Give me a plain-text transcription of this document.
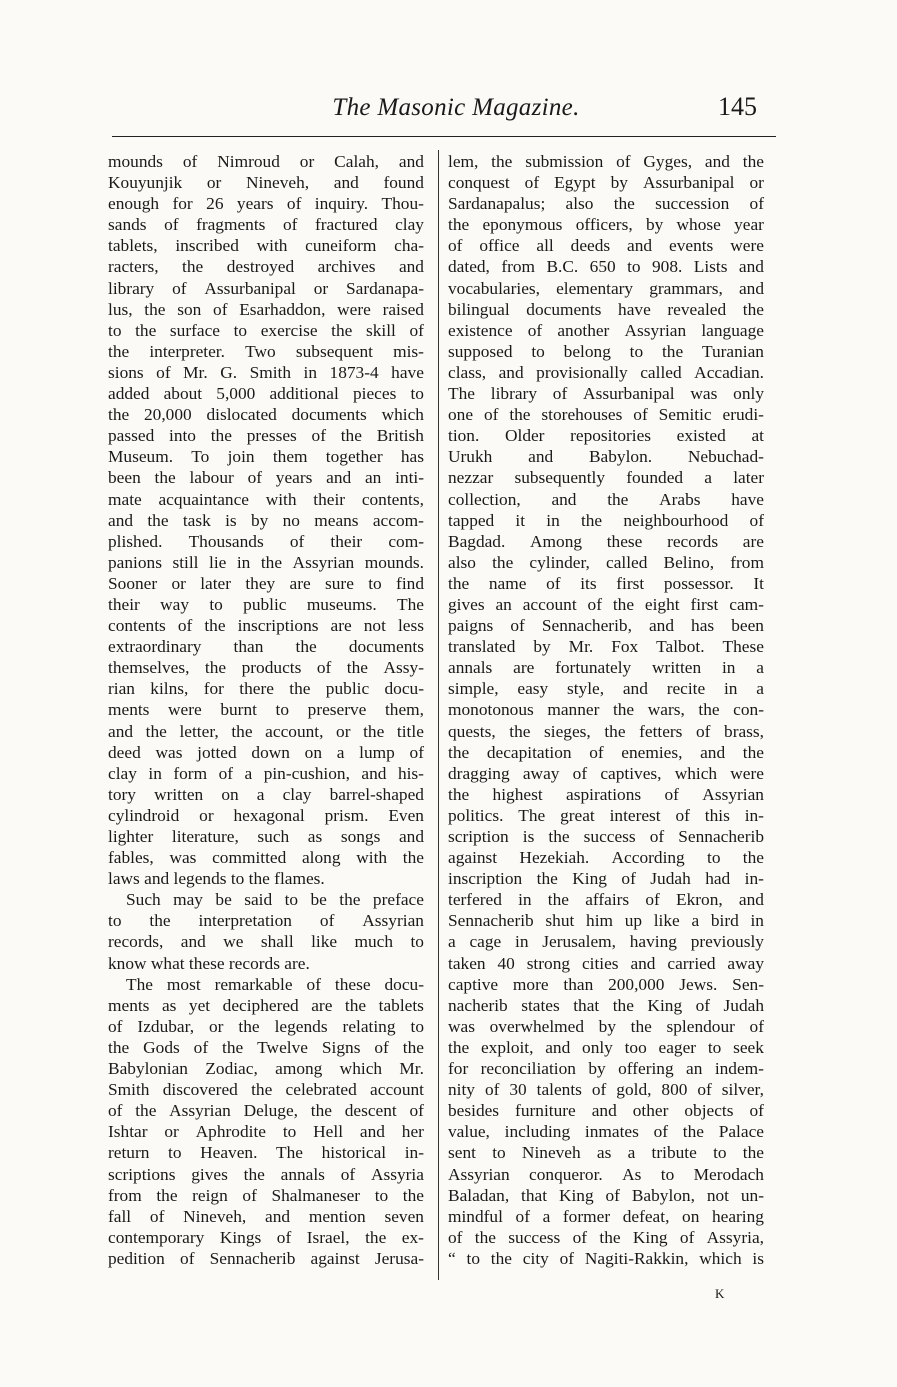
The Masonic Magazine.	145
mounds of Nimroud or Calah, and
Kouyunjik or Nineveh, and found
enough for 26 years of inquiry. Thou-
sands of fragments of fractured clay
tablets, inscribed with cuneiform cha-
racters, the destroyed archives and
library of Assurbanipal or Sardanapa-
lus, the son of Esarhaddon, were raised
to the surface to exercise the skill of
the interpreter. Two subsequent mis-
sions of Mr. G. Smith in 1873-4 have
added about 5,000 additional pieces to
the 20,000 dislocated documents which
passed into the presses of the British
Museum. To join them together has
been the labour of years and an inti-
mate acquaintance with their contents,
and the task is by no means accom-
plished. Thousands of their com-
panions still lie in the Assyrian mounds.
Sooner or later they are sure to find
their way to public museums. The
contents of the inscriptions are not less
extraordinary than the documents
themselves, the products of the Assy-
rian kilns, for there the public docu-
ments were burnt to preserve them,
and the letter, the account, or the title
deed was jotted down on a lump of
clay in form of a pin-cushion, and his-
tory written on a clay barrel-shaped
cylindroid or hexagonal prism. Even
lighter literature, such as songs and
fables, was committed along with the
laws and legends to the flames.
Such may be said to be the preface
to the interpretation of Assyrian
records, and we shall like much to
know what these records are.
The most remarkable of these docu-
ments as yet deciphered are the tablets
of Izdubar, or the legends relating to
the Gods of the Twelve Signs of the
Babylonian Zodiac, among which Mr.
Smith discovered the celebrated account
of the Assyrian Deluge, the descent of
Ishtar or Aphrodite to Hell and her
return to Heaven. The historical in-
scriptions gives the annals of Assyria
from the reign of Shalmaneser to the
fall of Nineveh, and mention seven
contemporary Kings of Israel, the ex-
pedition of Sennacherib against Jerusa-
lem, the submission of Gyges, and the
conquest of Egypt by Assurbanipal or
Sardanapalus; also the succession of
the eponymous officers, by whose year
of office all deeds and events were
dated, from B.C. 650 to 908. Lists and
vocabularies, elementary grammars, and
bilingual documents have revealed the
existence of another Assyrian language
supposed to belong to the Turanian
class, and provisionally called Accadian.
The library of Assurbanipal was only
one of the storehouses of Semitic erudi-
tion. Older repositories existed at
Urukh and Babylon. Nebuchad-
nezzar subsequently founded a later
collection, and the Arabs have
tapped it in the neighbourhood of
Bagdad. Among these records are
also the cylinder, called Belino, from
the name of its first possessor. It
gives an account of the eight first cam-
paigns of Sennacherib, and has been
translated by Mr. Fox Talbot. These
annals are fortunately written in a
simple, easy style, and recite in a
monotonous manner the wars, the con-
quests, the sieges, the fetters of brass,
the decapitation of enemies, and the
dragging away of captives, which were
the highest aspirations of Assyrian
politics. The great interest of this in-
scription is the success of Sennacherib
against Hezekiah. According to the
inscription the King of Judah had in-
terfered in the affairs of Ekron, and
Sennacherib shut him up like a bird in
a cage in Jerusalem, having previously
taken 40 strong cities and carried away
captive more than 200,000 Jews. Sen-
nacherib states that the King of Judah
was overwhelmed by the splendour of
the exploit, and only too eager to seek
for reconciliation by offering an indem-
nity of 30 talents of gold, 800 of silver,
besides furniture and other objects of
value, including inmates of the Palace
sent to Nineveh as a tribute to the
Assyrian conqueror. As to Merodach
Baladan, that King of Babylon, not un-
mindful of a former defeat, on hearing
of the success of the King of Assyria,
“ to the city of Nagiti-Rakkin, which is
K
